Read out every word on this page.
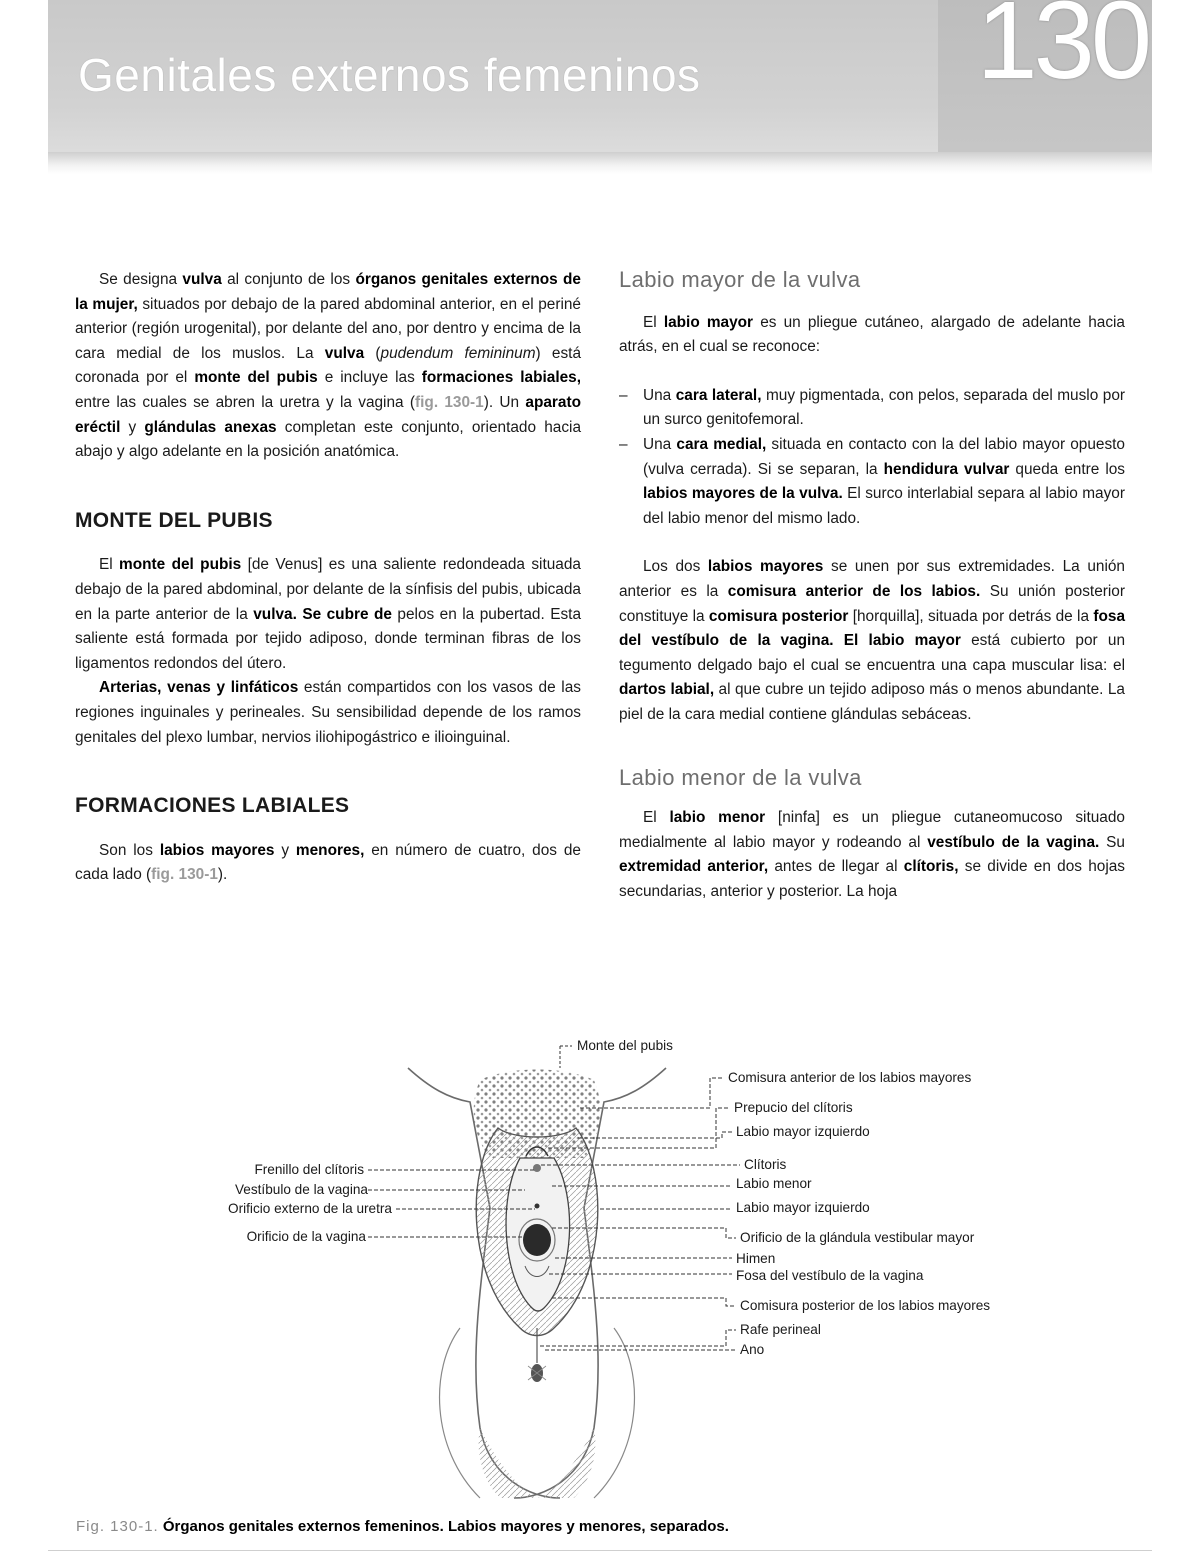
Genitales externos femeninos	130

Se designa vulva al conjunto de los órganos genitales externos de la mujer, situados por debajo de la pared abdominal anterior, en el periné anterior (región urogenital), por delante del ano, por dentro y encima de la cara medial de los muslos. La vulva (pudendum femininum) está coronada por el monte del pubis e incluye las formaciones labiales, entre las cuales se abren la uretra y la vagina (fig. 130-1). Un aparato eréctil y glándulas anexas completan este conjunto, orientado hacia abajo y algo adelante en la posición anatómica.

MONTE DEL PUBIS

El monte del pubis [de Venus] es una saliente redondeada situada debajo de la pared abdominal, por delante de la sínfisis del pubis, ubicada en la parte anterior de la vulva. Se cubre de pelos en la pubertad. Esta saliente está formada por tejido adiposo, donde terminan fibras de los ligamentos redondos del útero.

Arterias, venas y linfáticos están compartidos con los vasos de las regiones inguinales y perineales. Su sensibilidad depende de los ramos genitales del plexo lumbar, nervios iliohipogástrico e ilioinguinal.

FORMACIONES LABIALES

Son los labios mayores y menores, en número de cuatro, dos de cada lado (fig. 130-1).

Labio mayor de la vulva

El labio mayor es un pliegue cutáneo, alargado de adelante hacia atrás, en el cual se reconoce:

– Una cara lateral, muy pigmentada, con pelos, separada del muslo por un surco genitofemoral.
– Una cara medial, situada en contacto con la del labio mayor opuesto (vulva cerrada). Si se separan, la hendidura vulvar queda entre los labios mayores de la vulva. El surco interlabial separa al labio mayor del labio menor del mismo lado.

Los dos labios mayores se unen por sus extremidades. La unión anterior es la comisura anterior de los labios. Su unión posterior constituye la comisura posterior [horquilla], situada por detrás de la fosa del vestíbulo de la vagina. El labio mayor está cubierto por un tegumento delgado bajo el cual se encuentra una capa muscular lisa: el dartos labial, al que cubre un tejido adiposo más o menos abundante. La piel de la cara medial contiene glándulas sebáceas.

Labio menor de la vulva

El labio menor [ninfa] es un pliegue cutaneomucoso situado medialmente al labio mayor y rodeando al vestíbulo de la vagina. Su extremidad anterior, antes de llegar al clítoris, se divide en dos hojas secundarias, anterior y posterior. La hoja

Monte del pubis
Comisura anterior de los labios mayores
Prepucio del clítoris
Labio mayor izquierdo
Clítoris
Labio menor
Labio mayor izquierdo
Orificio de la glándula vestibular mayor
Himen
Fosa del vestíbulo de la vagina
Comisura posterior de los labios mayores
Rafe perineal
Ano
Frenillo del clítoris
Vestíbulo de la vagina
Orificio externo de la uretra
Orificio de la vagina
Fig. 130-1. Órganos genitales externos femeninos. Labios mayores y menores, separados.
